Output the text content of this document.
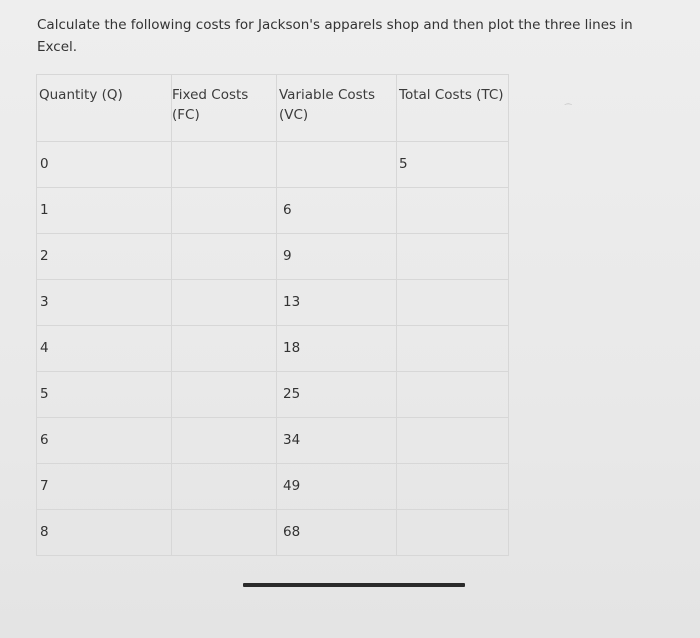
Calculate the following costs for Jackson's apparels shop and then plot the three lines in Excel.

Quantity (Q)	Fixed Costs (FC)	Variable Costs (VC)	Total Costs (TC)

0			5

1		6	

2		9	

3		13	

4		18	

5		25	

6		34	

7		49	

8		68	

⁀
